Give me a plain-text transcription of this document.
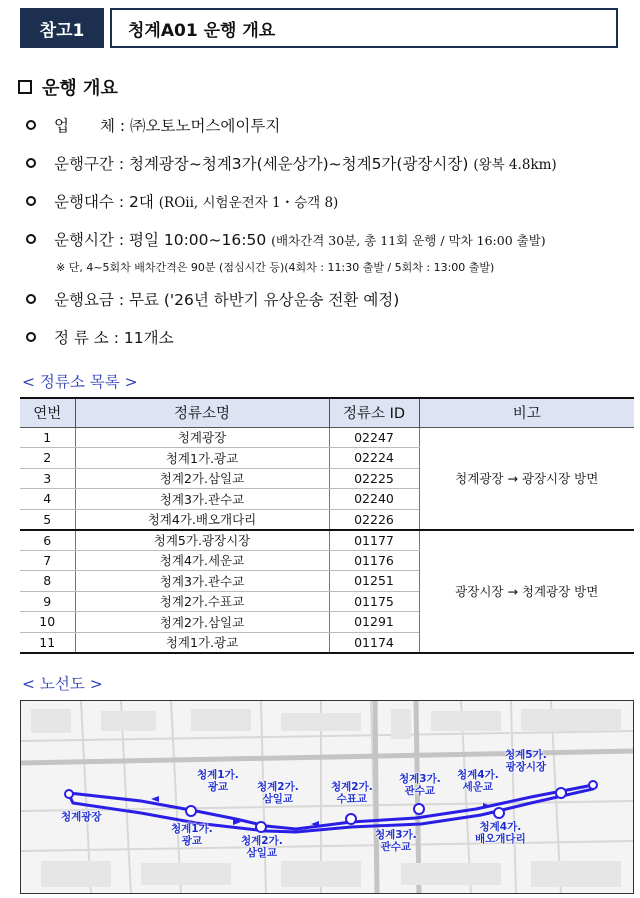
참고1	청계A01 운행 개요
운행 개요
업　　체 :
㈜오토노머스에이투지
운행구간 :
청계광장~청계3가(세운상가)~청계5가(광장시장)
(왕복 4.8km)
운행대수 :
2대
(ROii, 시험운전자 1・승객 8)
운행시간 :
평일 10:00~16:50
(배차간격 30분, 총 11회 운행 / 막차 16:00 출발)
※ 단, 4~5회차 배차간격은 90분 (점심시간 등)(4회차 : 11:30 출발 / 5회차 : 13:00 출발)
운행요금 :
무료 ('26년 하반기 유상운송 전환 예정)
정 류 소 :
11개소
< 정류소 목록 >
연번	정류소명	정류소 ID	비고
1	청계광장	02247	청계광장 → 광장시장 방면
2	청계1가.광교	02224	
3	청계2가.삼일교	02225	
4	청계3가.관수교	02240	
5	청계4가.배오개다리	02226	
6	청계5가.광장시장	01177	광장시장 → 청계광장 방면
7	청계4가.세운교	01176	
8	청계3가.관수교	01251	
9	청계2가.수표교	01175	
10	청계2가.삼일교	01291	
11	청계1가.광교	01174	
< 노선도 >
청계광장
청계1가.
광교
청계1가.
광교
청계2가.
삼일교
청계2가.
삼일교
청계2가.
수표교
청계3가.
관수교
청계3가.
관수교
청계4가.
세운교
청계4가.
배오개다리
청계5가.
광장시장
